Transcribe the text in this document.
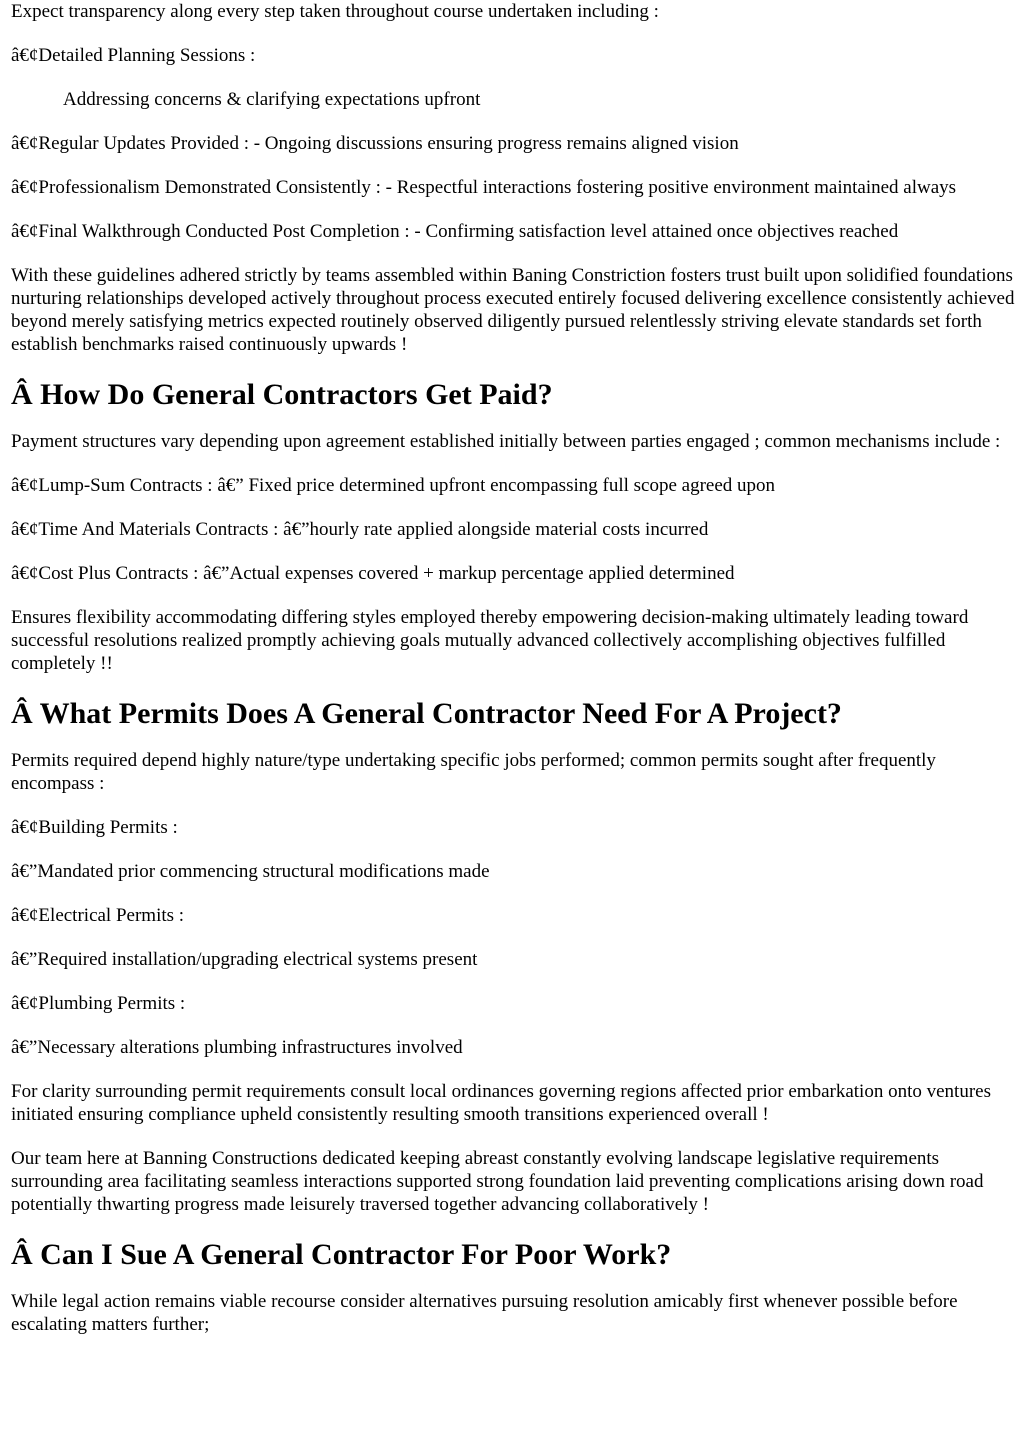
Expect transparency along every step taken throughout course undertaken including :

â€¢Detailed Planning Sessions :

Addressing concerns & clarifying expectations upfront

â€¢Regular Updates Provided : - Ongoing discussions ensuring progress remains aligned vision

â€¢Professionalism Demonstrated Consistently : - Respectful interactions fostering positive environment maintained always

â€¢Final Walkthrough Conducted Post Completion : - Confirming satisfaction level attained once objectives reached

With these guidelines adhered strictly by teams assembled within Baning Constriction fosters trust built upon solidified foundations nurturing relationships developed actively throughout process executed entirely focused delivering excellence consistently achieved beyond merely satisfying metrics expected routinely observed diligently pursued relentlessly striving elevate standards set forth establish benchmarks raised continuously upwards !

Â How Do General Contractors Get Paid?

Payment structures vary depending upon agreement established initially between parties engaged ; common mechanisms include :

â€¢Lump-Sum Contracts : â€” Fixed price determined upfront encompassing full scope agreed upon

â€¢Time And Materials Contracts : â€”hourly rate applied alongside material costs incurred

â€¢Cost Plus Contracts : â€”Actual expenses covered + markup percentage applied determined

Ensures flexibility accommodating differing styles employed thereby empowering decision-making ultimately leading toward successful resolutions realized promptly achieving goals mutually advanced collectively accomplishing objectives fulfilled completely !!

Â What Permits Does A General Contractor Need For A Project?

Permits required depend highly nature/type undertaking specific jobs performed; common permits sought after frequently encompass :

â€¢Building Permits :

â€”Mandated prior commencing structural modifications made

â€¢Electrical Permits :

â€”Required installation/upgrading electrical systems present

â€¢Plumbing Permits :

â€”Necessary alterations plumbing infrastructures involved

For clarity surrounding permit requirements consult local ordinances governing regions affected prior embarkation onto ventures initiated ensuring compliance upheld consistently resulting smooth transitions experienced overall !

Our team here at Banning Constructions dedicated keeping abreast constantly evolving landscape legislative requirements surrounding area facilitating seamless interactions supported strong foundation laid preventing complications arising down road potentially thwarting progress made leisurely traversed together advancing collaboratively !

Â Can I Sue A General Contractor For Poor Work?

While legal action remains viable recourse consider alternatives pursuing resolution amicably first whenever possible before escalating matters further;
